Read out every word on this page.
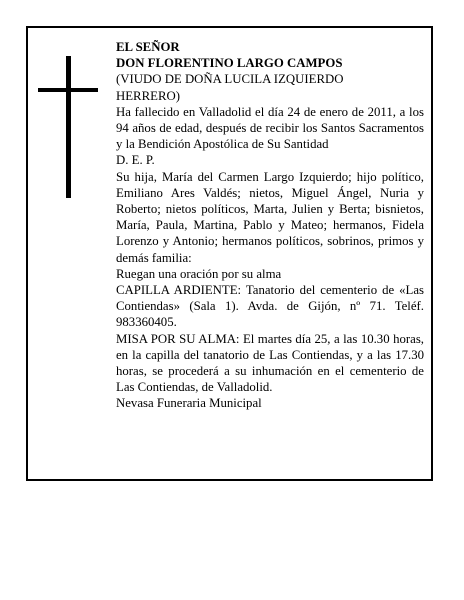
EL SEÑOR

DON FLORENTINO LARGO CAMPOS

(VIUDO DE DOÑA LUCILA IZQUIERDO

HERRERO)

Ha fallecido en Valladolid el día 24 de enero de 2011, a los 94 años de edad, después de recibir los Santos Sacramentos y la Bendición Apostólica de Su Santidad

D. E. P.

Su hija, María del Carmen Largo Izquierdo; hijo político, Emiliano Ares Valdés; nietos, Miguel Ángel, Nuria y Roberto; nietos políticos, Marta, Julien y Berta; bisnietos, María, Paula, Martina, Pablo y Mateo; hermanos, Fidela Lorenzo y Antonio; hermanos políticos, sobrinos, primos y demás familia:

Ruegan una oración por su alma

CAPILLA ARDIENTE: Tanatorio del cementerio de «Las Contiendas» (Sala 1). Avda. de Gijón, nº 71. Teléf. 983360405.

MISA POR SU ALMA: El martes día 25, a las 10.30 horas, en la capilla del tanatorio de Las Contiendas, y a las 17.30 horas, se procederá a su inhumación en el cementerio de Las Contiendas, de Valladolid.

Nevasa Funeraria Municipal
